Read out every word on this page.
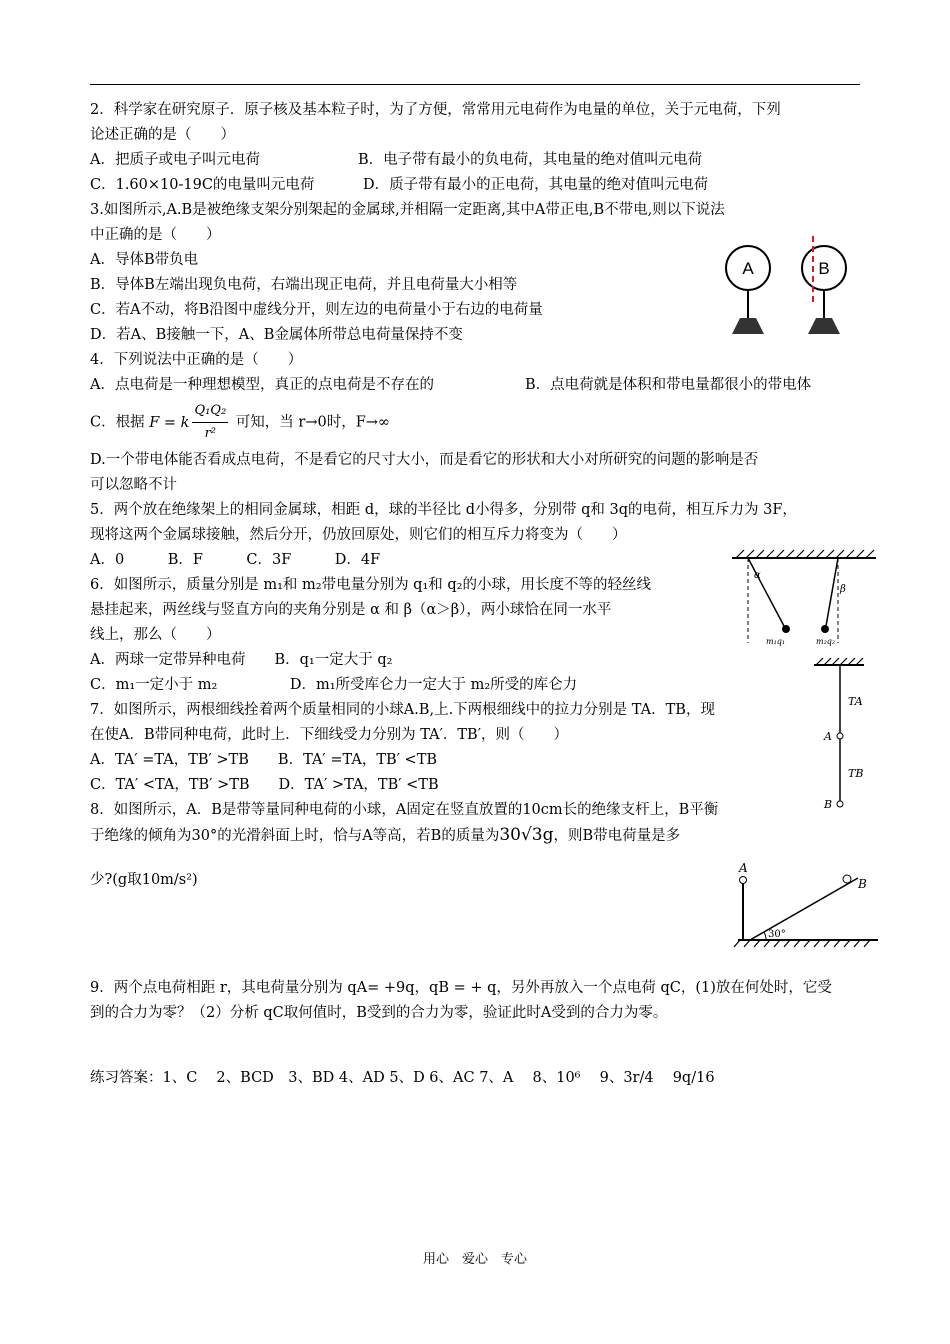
2．科学家在研究原子．原子核及基本粒子时，为了方便，常常用元电荷作为电量的单位，关于元电荷，下列
论述正确的是（　　）
A．把质子或电子叫元电荷	B．电子带有最小的负电荷，其电量的绝对值叫元电荷
C．1.60×10-19C的电量叫元电荷	D．质子带有最小的正电荷，其电量的绝对值叫元电荷
3.如图所示,A.B是被绝缘支架分别架起的金属球,并相隔一定距离,其中A带正电,B不带电,则以下说法
中正确的是（　　）
A．导体B带负电
B．导体B左端出现负电荷，右端出现正电荷，并且电荷量大小相等
C．若A不动，将B沿图中虚线分开，则左边的电荷量小于右边的电荷量
D．若A、B接触一下，A、B金属体所带总电荷量保持不变
A	B
4．下列说法中正确的是（　　）
A．点电荷是一种理想模型，真正的点电荷是不存在的	B．点电荷就是体积和带电量都很小的带电体
C．根据 F = k $\frac{\text{Q₁Q₂}}{\text{r²}}$ 可知，当 r→0时，F→∞
D.一个带电体能否看成点电荷，不是看它的尺寸大小，而是看它的形状和大小对所研究的问题的影响是否
可以忽略不计
5．两个放在绝缘架上的相同金属球，相距 d，球的半径比 d小得多，分别带 q和 3q的电荷，相互斥力为 3F，
现将这两个金属球接触，然后分开，仍放回原处，则它们的相互斥力将变为（　　）
A．0　　　B．F　　　C．3F　　　D．4F
α
β
m₁q₁	m₂q₂
6．如图所示，质量分别是 m₁和 m₂带电量分别为 q₁和 q₂的小球，用长度不等的轻丝线
悬挂起来，两丝线与竖直方向的夹角分别是 α 和 β（α＞β），两小球恰在同一水平
线上，那么（　　）
A．两球一定带异种电荷　　B．q₁一定大于 q₂
C．m₁一定小于 m₂　　　　　D．m₁所受库仑力一定大于 m₂所受的库仑力
TA
TB
A
B
7．如图所示，两根细线拴着两个质量相同的小球A.B,上.下两根细线中的拉力分别是 TA．TB，现
在使A．B带同种电荷，此时上．下细线受力分别为 TA′．TB′，则（　　）
A．TA′ =TA，TB′ >TB　　B．TA′ =TA，TB′ <TB
C．TA′ <TA，TB′ >TB　　D．TA′ >TA，TB′ <TB
8．如图所示，A．B是带等量同种电荷的小球，A固定在竖直放置的10cm长的绝缘支杆上，B平衡
于绝缘的倾角为30°的光滑斜面上时，恰与A等高，若B的质量为30√3g，则B带电荷量是多
少?(g取10m/s²)
A
B
30°
9．两个点电荷相距 r，其电荷量分别为 qA= +9q，qB = + q，另外再放入一个点电荷 qC，(1)放在何处时，它受
到的合力为零？（2）分析 qC取何值时，B受到的合力为零，验证此时A受到的合力为零。
练习答案：1、C　 2、BCD　3、BD 4、AD 5、D 6、AC 7、A　 8、10⁶　 9、3r/4　 9q/16
用心　爱心　专心
